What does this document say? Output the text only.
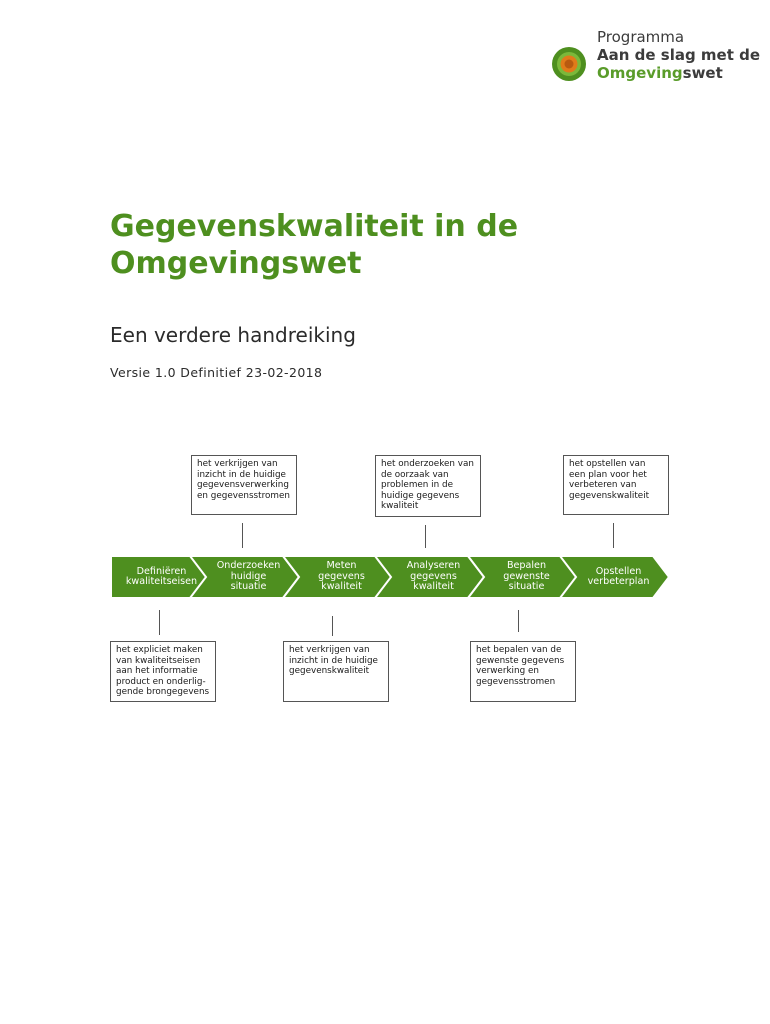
Programma
Aan de slag met de
Omgevingswet
Gegevenskwaliteit in de Omgevingswet

Een verdere handreiking

Versie 1.0 Definitief 23-02-2018

het verkrijgen van
inzicht in de huidige
gegevensverwerking
en gegevensstromen
het onderzoeken van
de oorzaak van
problemen in de
huidige gegevens
kwaliteit
het opstellen van
een plan voor het
verbeteren van
gegevenskwaliteit
het expliciet maken
van kwaliteitseisen
aan het informatie
product en onderlig-
gende brongegevens
het verkrijgen van
inzicht in de huidige
gegevenskwaliteit
het bepalen van de
gewenste gegevens
verwerking en
gegevensstromen
Definiëren
kwaliteitseisen
Onderzoeken
huidige
situatie
Meten
gegevens
kwaliteit
Analyseren
gegevens
kwaliteit
Bepalen
gewenste
situatie
Opstellen
verbeterplan
